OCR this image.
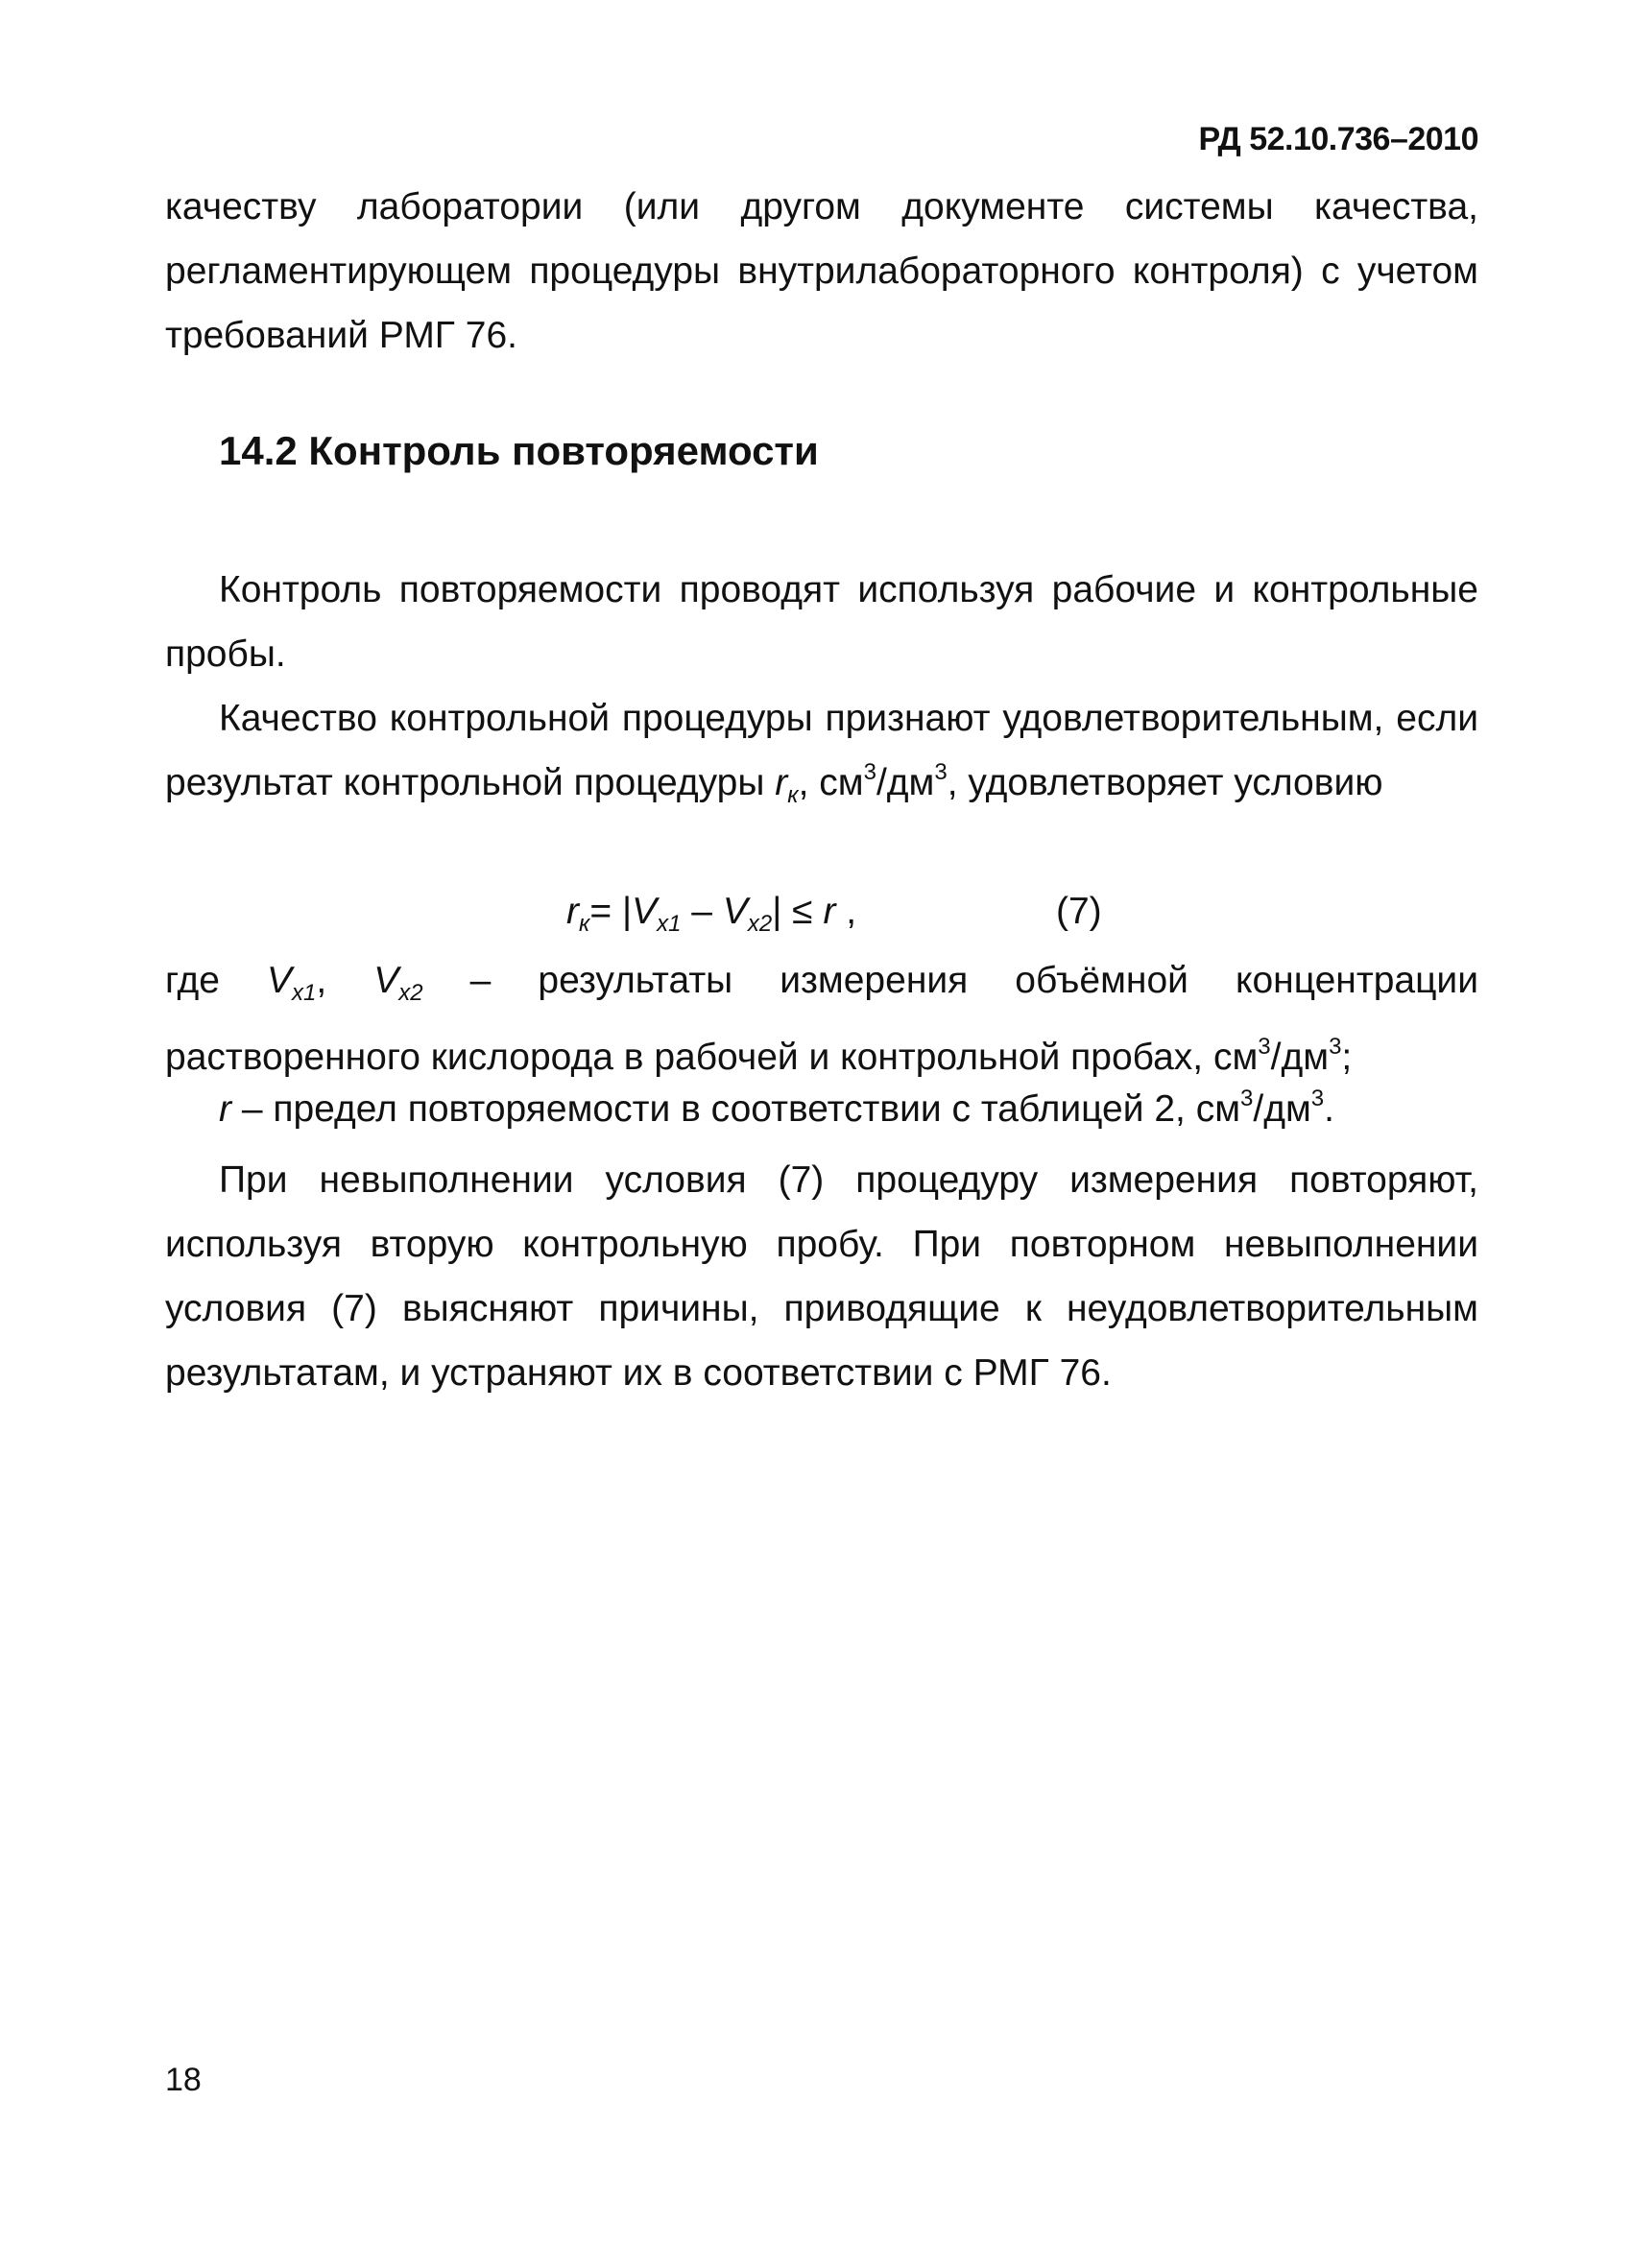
РД 52.10.736–2010

качеству лаборатории (или другом документе системы качества,

регламентирующем процедуры внутрилабораторного контроля) с учетом

требований РМГ 76.

14.2 Контроль повторяемости

Контроль повторяемости проводят используя рабочие и контрольные

пробы.

Качество контрольной процедуры признают удовлетворительным, если

результат контрольной процедуры $r_к$, $см^3/дм^3$, удовлетворяет условию

$r_к= |V_{x1} - V_{x2}| \le r$ ,	(7)

где $V_{x1}$, $V_{x2}$ – результаты измерения объёмной концентрации

растворенного кислорода в рабочей и контрольной пробах, $см^3/дм^3$;

r – предел повторяемости в соответствии с таблицей 2, $см^3/дм^3$.

При невыполнении условия (7) процедуру измерения повторяют,

используя вторую контрольную пробу. При повторном невыполнении

условия (7) выясняют причины, приводящие к неудовлетворительным

результатам, и устраняют их в соответствии с РМГ 76.

18
